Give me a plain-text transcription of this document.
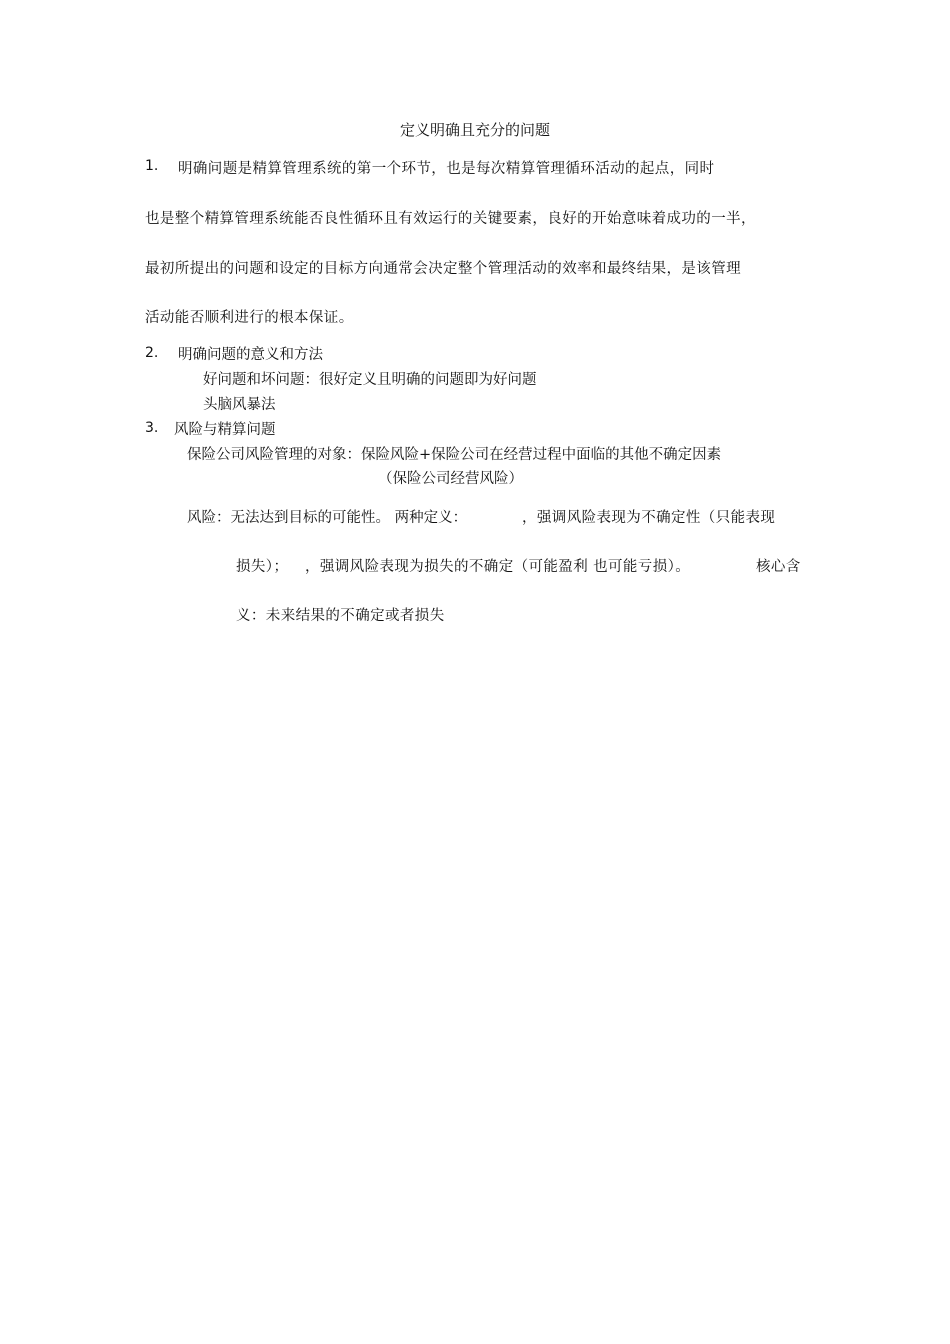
定义明确且充分的问题
1. 明确问题是精算管理系统的第一个环节，也是每次精算管理循环活动的起点，同时
也是整个精算管理系统能否良性循环且有效运行的关键要素，良好的开始意味着成功的一半，
最初所提出的问题和设定的目标方向通常会决定整个管理活动的效率和最终结果，是该管理
活动能否顺利进行的根本保证。
2. 明确问题的意义和方法
好问题和坏问题：很好定义且明确的问题即为好问题
头脑风暴法
3. 风险与精算问题
保险公司风险管理的对象：保险风险+保险公司在经营过程中面临的其他不确定因素
（保险公司经营风险）
风险：无法达到目标的可能性。 两种定义：	，强调风险表现为不确定性（只能表现
损失）； ，强调风险表现为损失的不确定（可能盈利 也可能亏损）。	核心含
义：未来结果的不确定或者损失
